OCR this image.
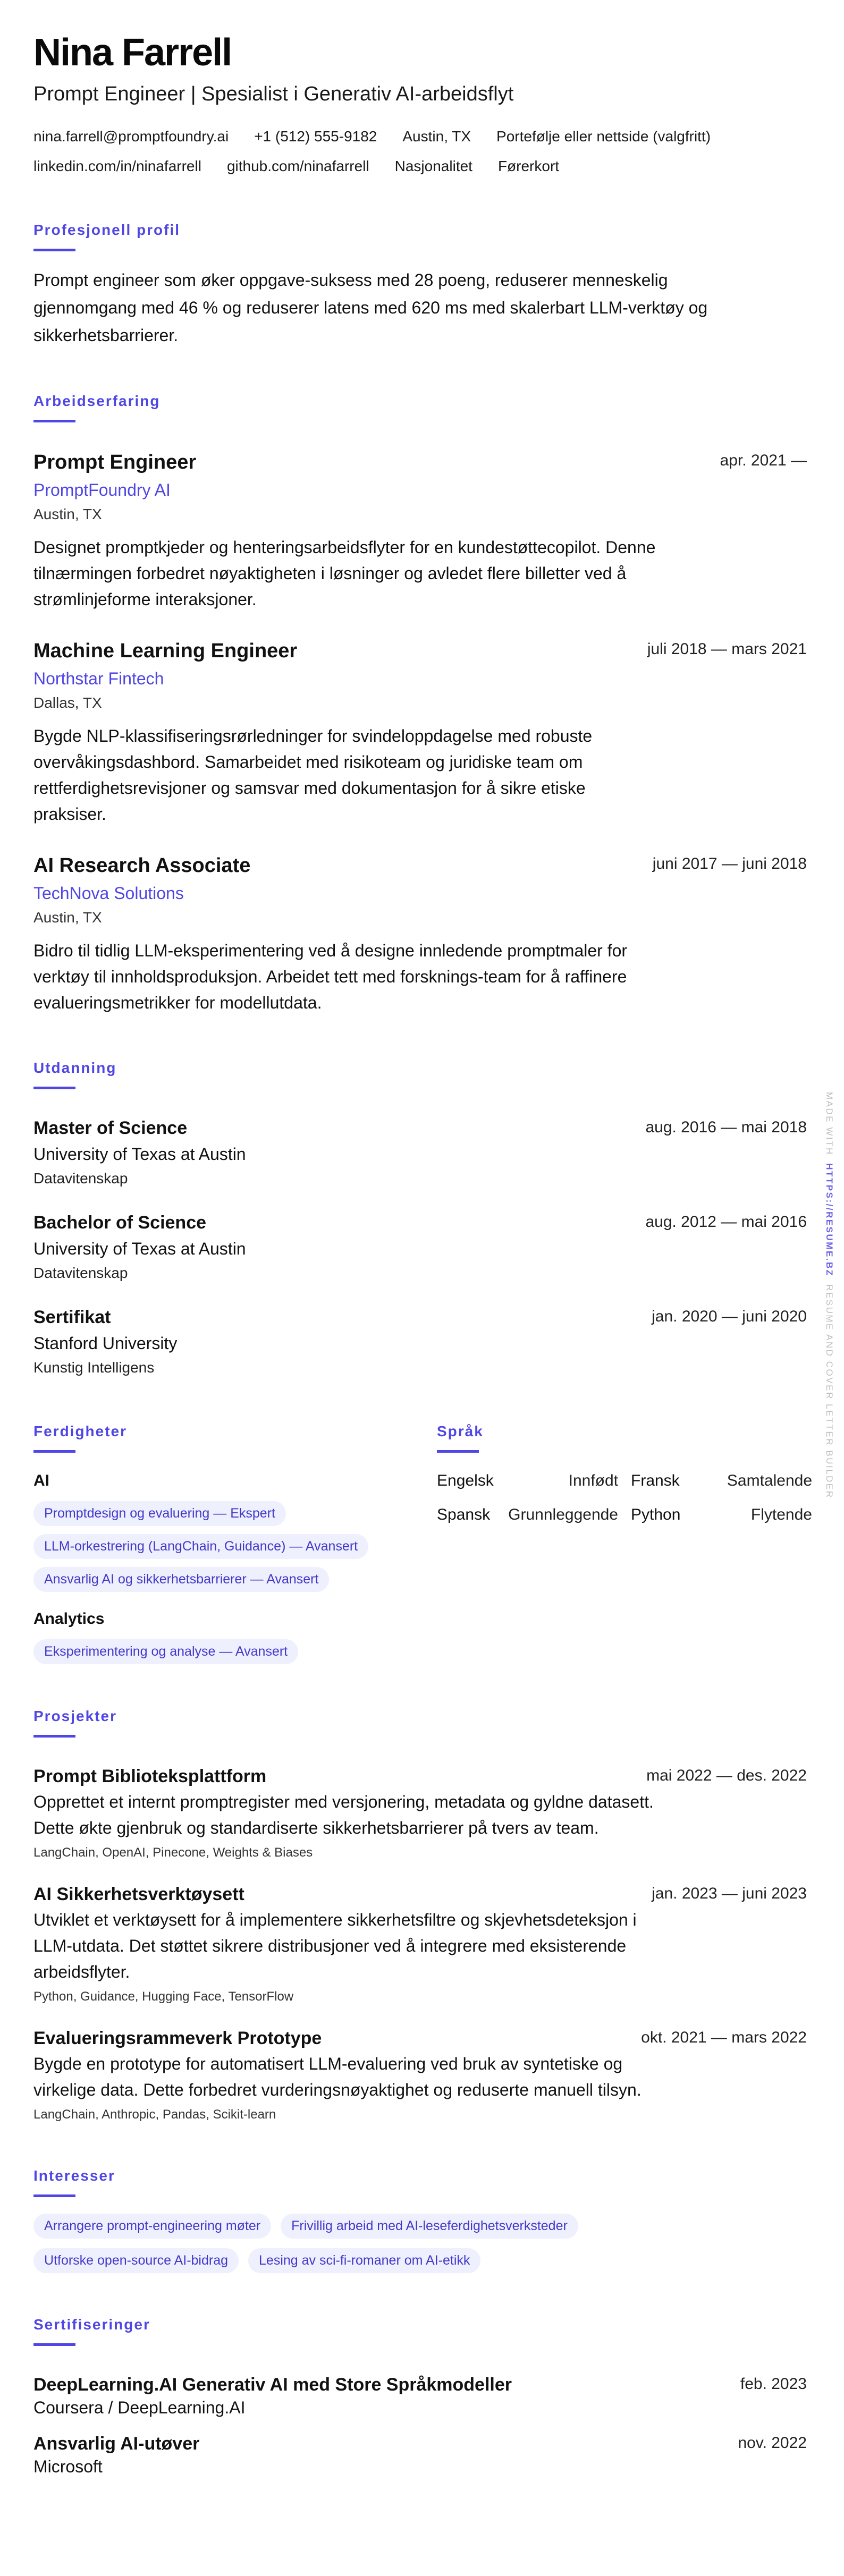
Nina Farrell
Prompt Engineer | Spesialist i Generativ AI-arbeidsflyt
nina.farrell@promptfoundry.ai +1 (512) 555-9182 Austin, TX Portefølje eller nettside (valgfritt)
linkedin.com/in/ninafarrell github.com/ninafarrell Nasjonalitet Førerkort
Profesjonell profil

Prompt engineer som øker oppgave-suksess med 28 poeng, reduserer menneskelig gjennomgang med 46 % og reduserer latens med 620 ms med skalerbart LLM-verktøy og sikkerhetsbarrierer.

Arbeidserfaring
Prompt Engineer	apr. 2021 —
PromptFoundry AI
Austin, TX

Designet promptkjeder og henteringsarbeidsflyter for en kundestøttecopilot. Denne tilnærmingen forbedret nøyaktigheten i løsninger og avledet flere billetter ved å strømlinjeforme interaksjoner.

Machine Learning Engineer	juli 2018 — mars 2021
Northstar Fintech
Dallas, TX

Bygde NLP-klassifiseringsrørledninger for svindeloppdagelse med robuste overvåkingsdashbord. Samarbeidet med risikoteam og juridiske team om rettferdighetsrevisjoner og samsvar med dokumentasjon for å sikre etiske praksiser.

AI Research Associate	juni 2017 — juni 2018
TechNova Solutions
Austin, TX

Bidro til tidlig LLM-eksperimentering ved å designe innledende promptmaler for verktøy til innholdsproduksjon. Arbeidet tett med forsknings-team for å raffinere evalueringsmetrikker for modellutdata.

Utdanning
Master of Science	aug. 2016 — mai 2018
University of Texas at Austin
Datavitenskap
Bachelor of Science	aug. 2012 — mai 2016
University of Texas at Austin
Datavitenskap
Sertifikat	jan. 2020 — juni 2020
Stanford University
Kunstig Intelligens
Ferdigheter
AI
Promptdesign og evaluering — Ekspert
LLM-orkestrering (LangChain, Guidance) — Avansert
Ansvarlig AI og sikkerhetsbarrierer — Avansert
Analytics
Eksperimentering og analyse — Avansert
Språk
Engelsk	Innfødt Fransk	Samtalende
Spansk Grunnleggende Python	Flytende
Prosjekter
Prompt Biblioteksplattform	mai 2022 — des. 2022

Opprettet et internt promptregister med versjonering, metadata og gyldne datasett. Dette økte gjenbruk og standardiserte sikkerhetsbarrierer på tvers av team.

LangChain, OpenAI, Pinecone, Weights & Biases
AI Sikkerhetsverktøysett	jan. 2023 — juni 2023

Utviklet et verktøysett for å implementere sikkerhetsfiltre og skjevhetsdeteksjon i LLM-utdata. Det støttet sikrere distribusjoner ved å integrere med eksisterende arbeidsflyter.

Python, Guidance, Hugging Face, TensorFlow
Evalueringsrammeverk Prototype	okt. 2021 — mars 2022

Bygde en prototype for automatisert LLM-evaluering ved bruk av syntetiske og virkelige data. Dette forbedret vurderingsnøyaktighet og reduserte manuell tilsyn.

LangChain, Anthropic, Pandas, Scikit-learn
Interesser
Arrangere prompt-engineering møter	Frivillig arbeid med AI-leseferdighetsverksteder
Utforske open-source AI-bidrag	Lesing av sci-fi-romaner om AI-etikk
Sertifiseringer
DeepLearning.AI Generativ AI med Store Språkmodeller	feb. 2023
Coursera / DeepLearning.AI
Ansvarlig AI-utøver	nov. 2022
Microsoft
MADE WITH  HTTPS://RESUME.BZ  RESUME AND COVER LETTER BUILDER
